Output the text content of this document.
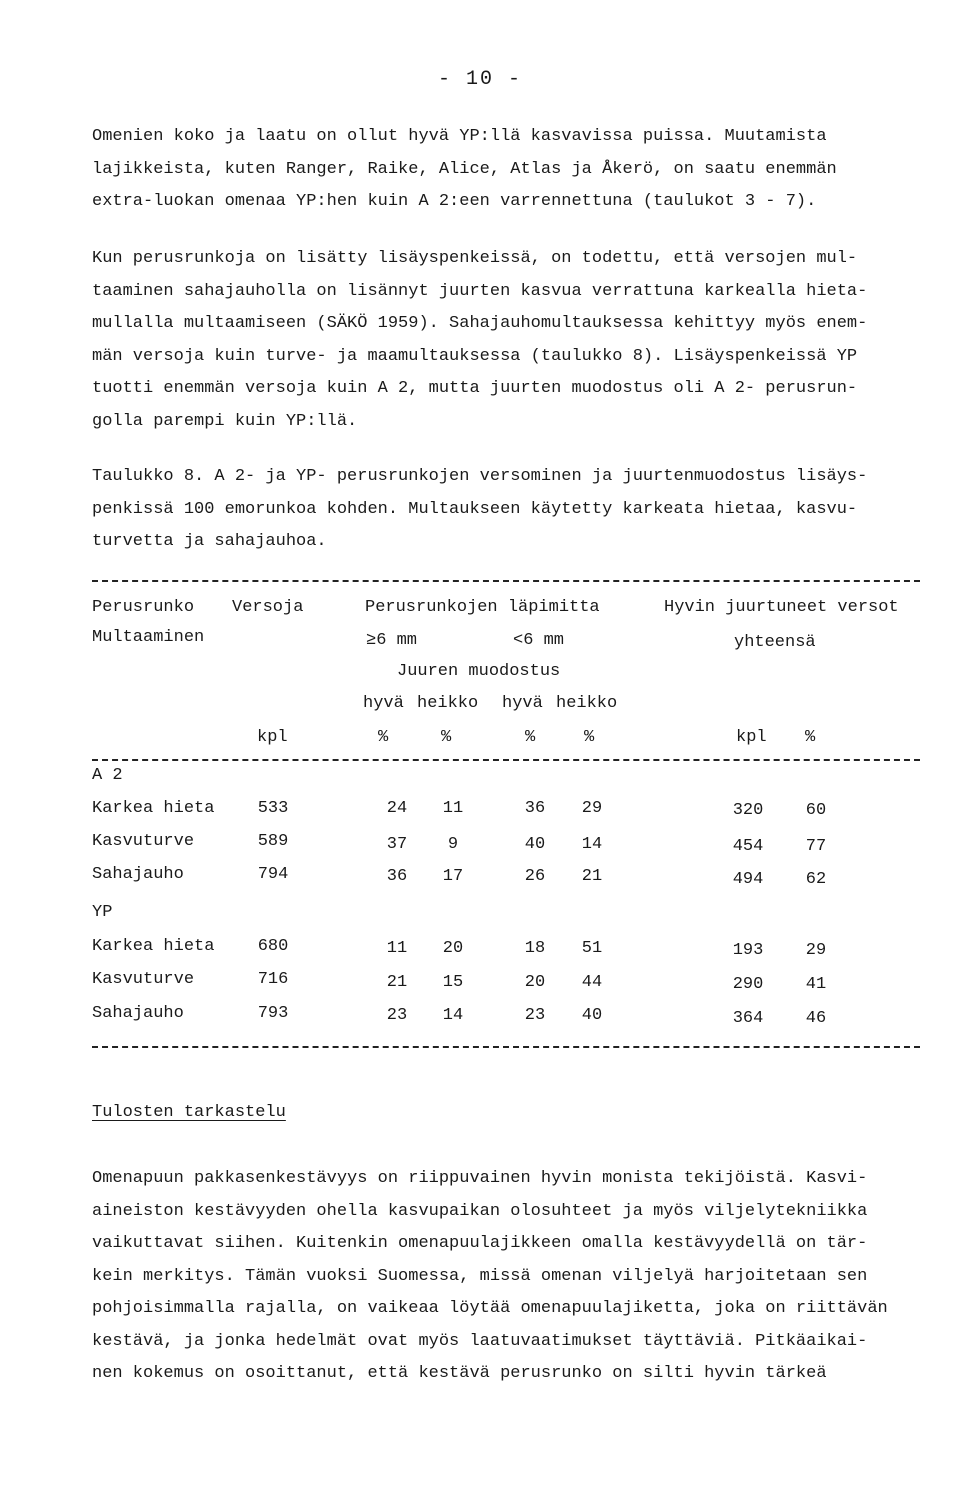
- 10 -
Omenien koko ja laatu on ollut hyvä YP:llä kasvavissa puissa. Muutamista
lajikkeista, kuten Ranger, Raike, Alice, Atlas ja Åkerö, on saatu enemmän
extra-luokan omenaa YP:hen kuin A 2:een varrennettuna (taulukot 3 - 7).
Kun perusrunkoja on lisätty lisäyspenkeissä, on todettu, että versojen mul-
taaminen sahajauholla on lisännyt juurten kasvua verrattuna karkealla hieta-
mullalla multaamiseen (SÄKÖ 1959). Sahajauhomultauksessa kehittyy myös enem-
män versoja kuin turve- ja maamultauksessa (taulukko 8). Lisäyspenkeissä YP
tuotti enemmän versoja kuin A 2, mutta juurten muodostus oli A 2- perusrun-
golla parempi kuin YP:llä.
Taulukko 8. A 2- ja YP- perusrunkojen versominen ja juurtenmuodostus lisäys-
penkissä 100 emorunkoa kohden. Multaukseen käytetty karkeata hietaa, kasvu-
turvetta ja sahajauhoa.
Perusrunko
Multaaminen
Versoja	Perusrunkojen läpimitta
≥6 mm	<6 mm
Juuren muodostus
hyvä heikko hyvä heikko
Hyvin juurtuneet versot
yhteensä
kpl	%	%	%	%	kpl %
A 2
Karkea hieta	533	24	11	36	29	320	60
Kasvuturve	589	37	9	40	14	454	77
Sahajauho	794	36	17	26	21	494	62
YP
Karkea hieta	680	11	20	18	51	193	29
Kasvuturve	716	21	15	20	44	290	41
Sahajauho	793	23	14	23	40	364	46
Tulosten tarkastelu
Omenapuun pakkasenkestävyys on riippuvainen hyvin monista tekijöistä. Kasvi-
aineiston kestävyyden ohella kasvupaikan olosuhteet ja myös viljelytekniikka
vaikuttavat siihen. Kuitenkin omenapuulajikkeen omalla kestävyydellä on tär-
kein merkitys. Tämän vuoksi Suomessa, missä omenan viljelyä harjoitetaan sen
pohjoisimmalla rajalla, on vaikeaa löytää omenapuulajiketta, joka on riittävän
kestävä, ja jonka hedelmät ovat myös laatuvaatimukset täyttäviä. Pitkäaikai-
nen kokemus on osoittanut, että kestävä perusrunko on silti hyvin tärkeä
